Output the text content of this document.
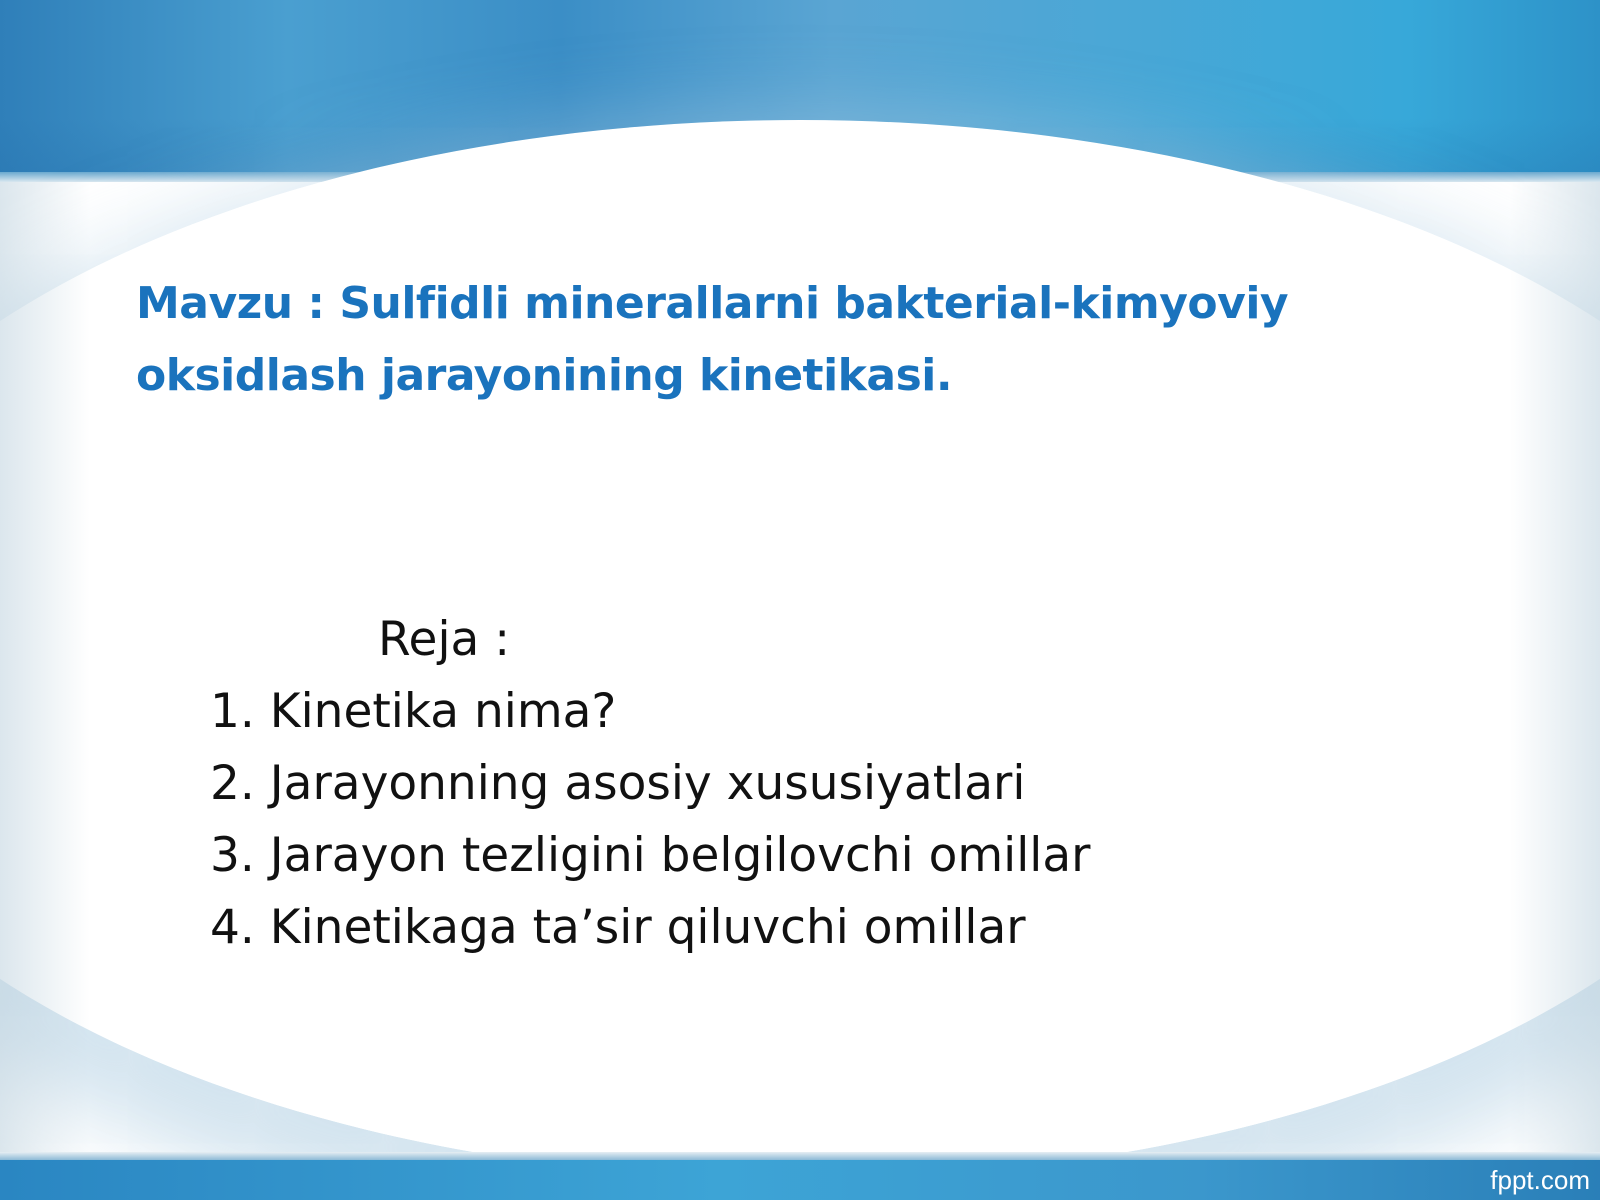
Mavzu : Sulfidli minerallarni bakterial-kimyoviy oksidlash jarayonining kinetikasi.

Reja :

1. Kinetika nima?
2. Jarayonning asosiy xususiyatlari
3. Jarayon tezligini belgilovchi omillar
4. Kinetikaga ta’sir qiluvchi omillar
fppt.com
